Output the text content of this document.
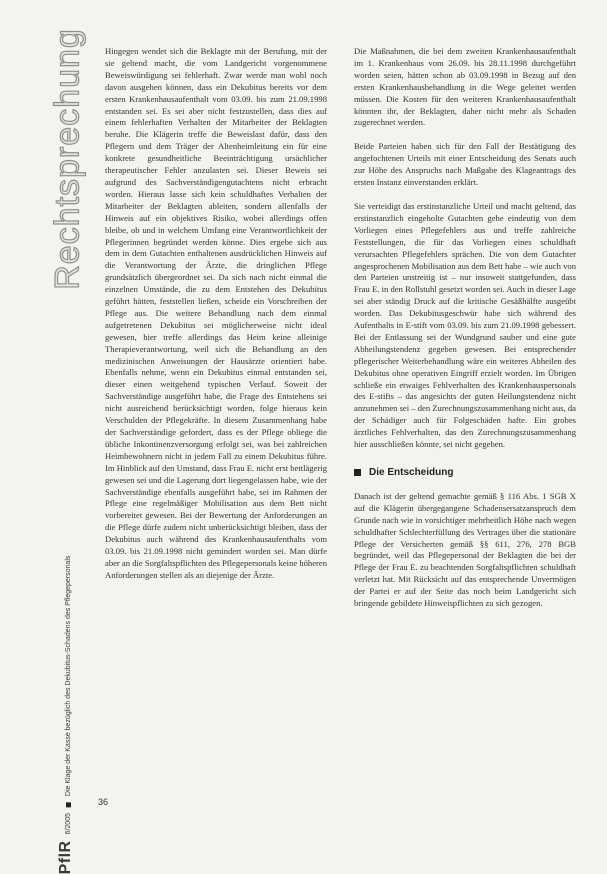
Rechtsprechung
PflR 6/2005  Die Klage der Kasse bezüglich des Dekubitus-Schadens des Pflegepersonals

Hingegen wendet sich die Beklagte mit der Berufung, mit der sie geltend macht, die vom Landgericht vorgenommene Beweiswürdigung sei fehlerhaft. Zwar werde man wohl noch davon ausgehen können, dass ein Dekubitus bereits vor dem ersten Krankenhausaufenthalt vom 03.09. bis zum 21.09.1998 entstanden sei. Es sei aber nicht festzustellen, dass dies auf einem fehlerhaften Verhalten der Mitarbeiter der Beklagten beruhe. Die Klägerin treffe die Beweislast dafür, dass den Pflegern und dem Träger der Altenheimleitung ein für eine konkrete gesundheitliche Beeinträchtigung ursächlicher therapeutischer Fehler anzulasten sei. Dieser Beweis sei aufgrund des Sachverständigengutachtens nicht erbracht worden. Hieraus lasse sich kein schuldhaftes Verhalten der Mitarbeiter der Beklagten ableiten, sondern allenfalls der Hinweis auf ein objektives Risiko, wobei allerdings offen bleibe, ob und in welchem Umfang eine Verantwortlichkeit der Pflegerinnen begründet werden könne. Dies ergebe sich aus dem in dem Gutachten enthaltenen ausdrücklichen Hinweis auf die Verantwortung der Ärzte, die dringlichen Pflege grundsätzlich übergeordnet sei. Da sich nach nicht einmal die einzelnen Umstände, die zu dem Entstehen des Dekubitus geführt hätten, feststellen ließen, scheide ein Vorschreiben der Pflege aus. Die weitere Behandlung nach dem einmal aufgetretenen Dekubitus sei möglicherweise nicht ideal gewesen, hier treffe allerdings das Heim keine alleinige Therapieverantwortung, weil sich die Behandlung an den medizinischen Anweisungen der Hausärzte orientiert habe. Ebenfalls nehme, wenn ein Dekubitus einmal entstanden sei, dieser einen weitgehend typischen Verlauf. Soweit der Sachverständige ausgeführt habe, die Frage des Entstehens sei nicht ausreichend berücksichtigt worden, folge hieraus kein Verschulden der Pflegekräfte. In diesem Zusammenhang habe der Sachverständige gefordert, dass es der Pflege obliege die übliche Inkontinenzversorgung erfolgt sei, was bei zahlreichen Heimbewohnern nicht in jedem Fall zu einem Dekubitus führe. Im Hinblick auf den Umstand, dass Frau E. nicht erst bettlägerig gewesen sei und die Lagerung dort liegengelassen habe, wie der Sachverständige ebenfalls ausgeführt habe, sei im Rahmen der Pflege eine regelmäßiger Mobilisation aus dem Bett nicht vorbereitet gewesen. Bei der Bewertung der Anforderungen an die Pflege dürfe zudem nicht unberücksichtigt bleiben, dass der Dekubitus auch während des Krankenhausaufenthalts vom 03.09. bis 21.09.1998 nicht gemindert worden sei. Man dürfe aber an die Sorgfaltspflichten des Pflegepersonals keine höheren Anforderungen stellen als an diejenige der Ärzte.

Die Maßnahmen, die bei dem zweiten Krankenhausaufenthalt im 1. Krankenhaus vom 26.09. bis 28.11.1998 durchgeführt worden seien, hätten schon ab 03.09.1998 in Bezug auf den ersten Krankenhausbehandlung in die Wege geleitet werden müssen. Die Kosten für den weiteren Krankenhausaufenthalt könnten ihr, der Beklagten, daher nicht mehr als Schaden zugerechnet werden.

Beide Parteien haben sich für den Fall der Bestätigung des angefochtenen Urteils mit einer Entscheidung des Senats auch zur Höhe des Anspruchs nach Maßgabe des Klageantrags des ersten Instanz einverstanden erklärt.

Sie verteidigt das erstinstanzliche Urteil und macht geltend, das erstinstanzlich eingeholte Gutachten gehe eindeutig von dem Vorliegen eines Pflegefehlers aus und treffe zahlreiche Feststellungen, die für das Vorliegen eines schuldhaft verursachten Pflegefehlers sprächen. Die von dem Gutachter angesprochenen Mobilisation aus dem Bett habe – wie auch von den Parteien unstreitig ist – nur insoweit stattgefunden, dass Frau E. in den Rollstuhl gesetzt worden sei. Auch in dieser Lage sei aber ständig Druck auf die kritische Gesäßhälfte ausgeübt worden. Das Dekubitusgeschwür habe sich während des Aufenthalts in E-stift vom 03.09. bis zum 21.09.1998 gebessert. Bei der Entlassung sei der Wundgrund sauber und eine gute Abheilungstendenz gegeben gewesen. Bei entsprechender pflegerischer Weiterbehandlung wäre ein weiteres Abheilen des Dekubitus ohne operativen Eingriff erzielt worden. Im Übrigen schließe ein etwaiges Fehlverhalten des Krankenhauspersonals des E-stifts – das angesichts der guten Heilungstendenz nicht anzunehmen sei – den Zurechnungszusammenhang nicht aus, da der Schädiger auch für Folgeschäden hafte. Ein grobes ärztliches Fehlverhalten, das den Zurechnungszusammenhang hier ausschließen könnte, sei nicht gegeben.

Die Entscheidung

Danach ist der geltend gemachte gemäß § 116 Abs. 1 SGB X auf die Klägerin übergegangene Schadensersatzanspruch dem Grunde nach wie in vorsichtiger mehrheitlich Höhe nach wegen schuldhafter Schlechterfüllung des Vertrages über die stationäre Pflege der Versicherten gemäß §§ 611, 276, 278 BGB begründet, weil das Pflegepersonal der Beklagten die bei der Pflege der Frau E. zu beachtenden Sorgfaltspflichten schuldhaft verletzt hat. Mit Rücksicht auf das entsprechende Unvermögen der Partei er auf der Seite das noch beim Landgericht sich bringende gebildete Hinweispflichten zu sich gezogen.

36
